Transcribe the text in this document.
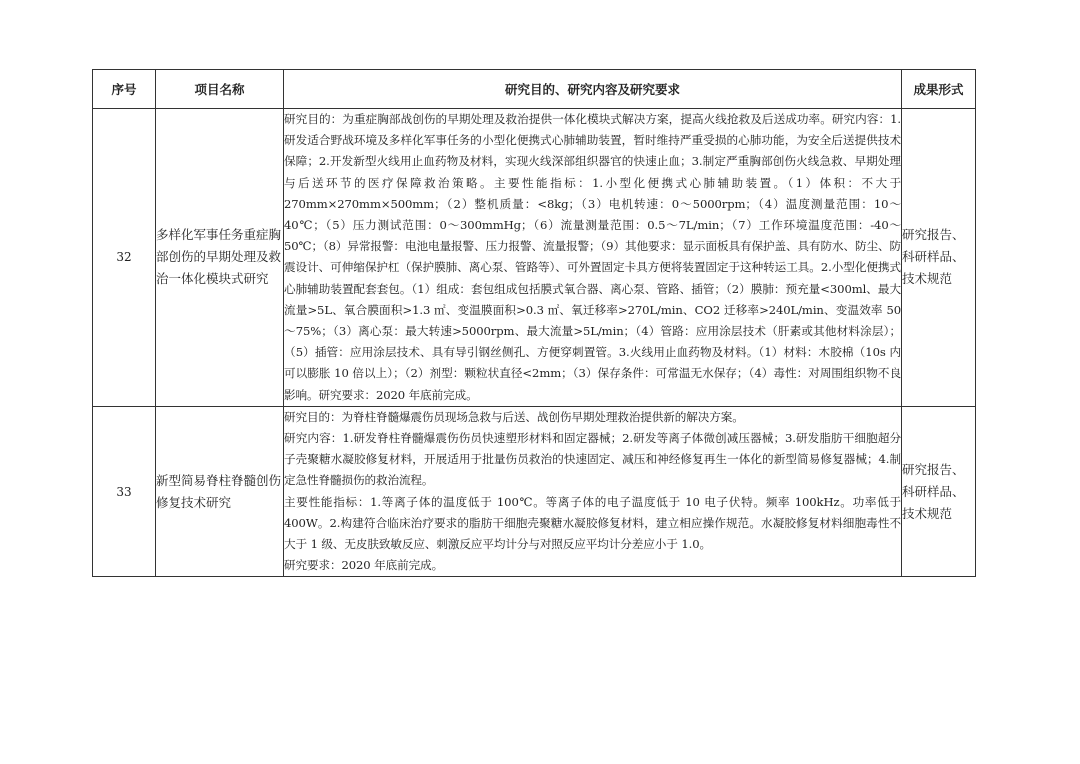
序号	项目名称	研究目的、研究内容及研究要求	成果形式
32	多样化军事任务重症胸部创伤的早期处理及救治一体化模块式研究	研究目的：为重症胸部战创伤的早期处理及救治提供一体化模块式解决方案，提高火线抢救及后送成功率。研究内容：1.研发适合野战环境及多样化军事任务的小型化便携式心肺辅助装置，暂时维持严重受损的心肺功能，为安全后送提供技术保障；2.开发新型火线用止血药物及材料，实现火线深部组织器官的快速止血；3.制定严重胸部创伤火线急救、早期处理与后送环节的医疗保障救治策略。主要性能指标：1.小型化便携式心肺辅助装置。（1）体积：不大于 270mm×270mm×500mm；（2）整机质量：<8kg；（3）电机转速：0～5000rpm；（4）温度测量范围：10～40℃；（5）压力测试范围：0～300mmHg；（6）流量测量范围：0.5～7L/min；（7）工作环境温度范围：-40～50℃；（8）异常报警：电池电量报警、压力报警、流量报警；（9）其他要求：显示面板具有保护盖、具有防水、防尘、防震设计、可伸缩保护杠（保护膜肺、离心泵、管路等）、可外置固定卡具方便将装置固定于这种转运工具。2.小型化便携式心肺辅助装置配套套包。（1）组成：套包组成包括膜式氧合器、离心泵、管路、插管；（2）膜肺：预充量<300ml、最大流量>5L、氧合膜面积>1.3 ㎡、变温膜面积>0.3 ㎡、氧迁移率>270L/min、CO2 迁移率>240L/min、变温效率 50～75%；（3）离心泵：最大转速>5000rpm、最大流量>5L/min；（4）管路：应用涂层技术（肝素或其他材料涂层）；（5）插管：应用涂层技术、具有导引钢丝侧孔、方便穿刺置管。3.火线用止血药物及材料。（1）材料：木胶棉（10s 内可以膨胀 10 倍以上）；（2）剂型：颗粒状直径<2mm；（3）保存条件：可常温无水保存；（4）毒性：对周围组织物不良影响。研究要求：2020 年底前完成。	研究报告、科研样品、技术规范
33	新型简易脊柱脊髓创伤修复技术研究	研究目的：为脊柱脊髓爆震伤员现场急救与后送、战创伤早期处理救治提供新的解决方案。

研究内容：1.研发脊柱脊髓爆震伤伤员快速塑形材料和固定器械；2.研发等离子体微创减压器械；3.研发脂肪干细胞超分子壳聚糖水凝胶修复材料，开展适用于批量伤员救治的快速固定、减压和神经修复再生一体化的新型简易修复器械；4.制定急性脊髓损伤的救治流程。

主要性能指标：1.等离子体的温度低于 100℃。等离子体的电子温度低于 10 电子伏特。频率 100kHz。功率低于 400W。2.构建符合临床治疗要求的脂肪干细胞壳聚糖水凝胶修复材料，建立相应操作规范。水凝胶修复材料细胞毒性不大于 1 级、无皮肤致敏反应、刺激反应平均计分与对照反应平均计分差应小于 1.0。

研究要求：2020 年底前完成。	研究报告、科研样品、技术规范
